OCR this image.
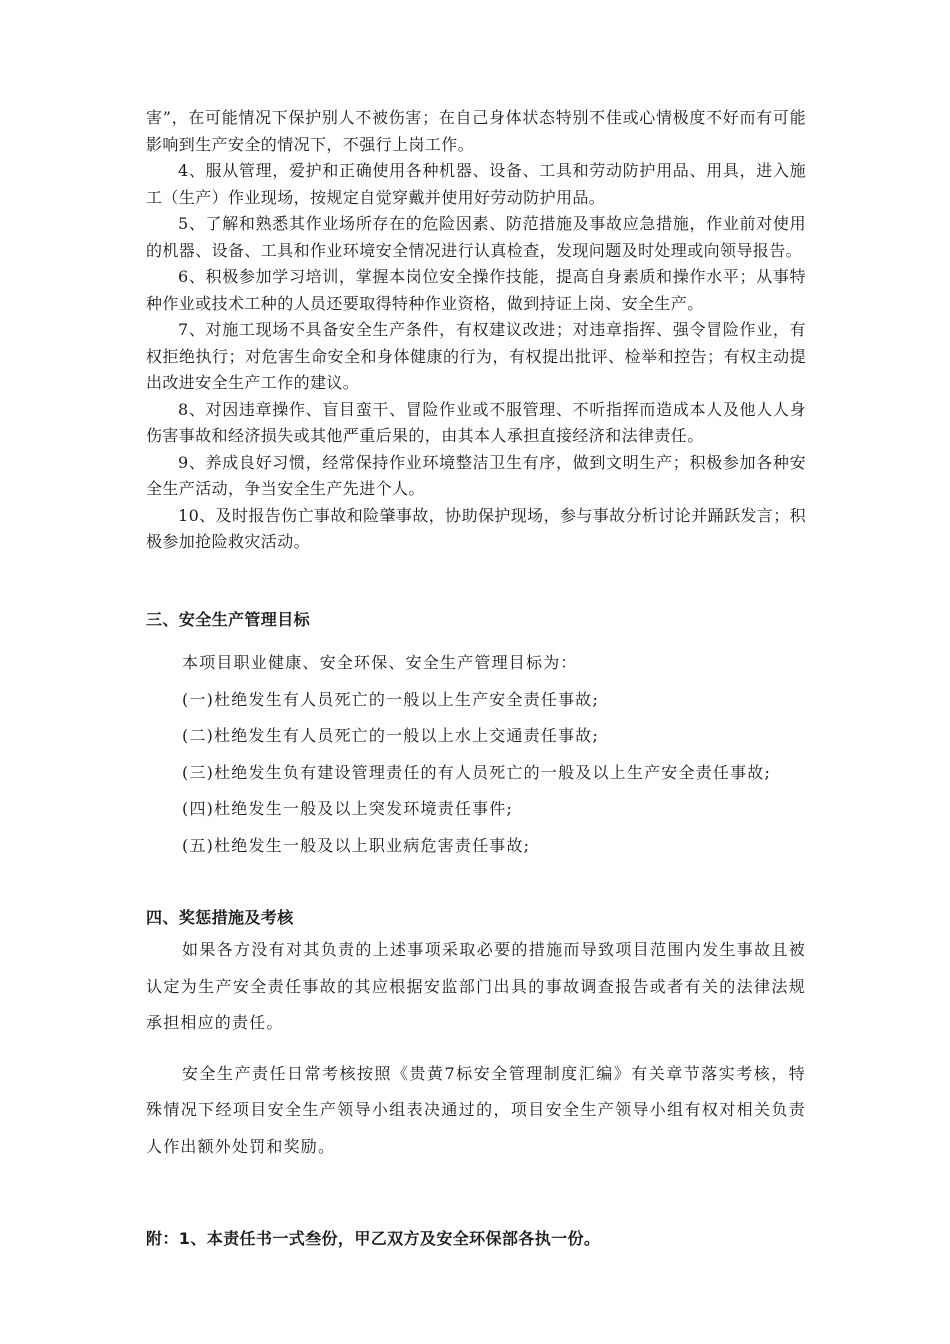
害”，在可能情况下保护别人不被伤害；在自己身体状态特别不佳或心情极度不好而有可能影响到生产安全的情况下，不强行上岗工作。

4、服从管理，爱护和正确使用各种机器、设备、工具和劳动防护用品、用具，进入施工（生产）作业现场，按规定自觉穿戴并使用好劳动防护用品。

5、了解和熟悉其作业场所存在的危险因素、防范措施及事故应急措施，作业前对使用的机器、设备、工具和作业环境安全情况进行认真检查，发现问题及时处理或向领导报告。

6、积极参加学习培训，掌握本岗位安全操作技能，提高自身素质和操作水平；从事特种作业或技术工种的人员还要取得特种作业资格，做到持证上岗、安全生产。

7、对施工现场不具备安全生产条件，有权建议改进；对违章指挥、强令冒险作业，有权拒绝执行；对危害生命安全和身体健康的行为，有权提出批评、检举和控告；有权主动提出改进安全生产工作的建议。

8、对因违章操作、盲目蛮干、冒险作业或不服管理、不听指挥而造成本人及他人人身伤害事故和经济损失或其他严重后果的，由其本人承担直接经济和法律责任。

9、养成良好习惯，经常保持作业环境整洁卫生有序，做到文明生产；积极参加各种安全生产活动，争当安全生产先进个人。

10、及时报告伤亡事故和险肇事故，协助保护现场，参与事故分析讨论并踊跃发言；积极参加抢险救灾活动。

三、安全生产管理目标

本项目职业健康、安全环保、安全生产管理目标为：

(一)杜绝发生有人员死亡的一般以上生产安全责任事故;

(二)杜绝发生有人员死亡的一般以上水上交通责任事故;

(三)杜绝发生负有建设管理责任的有人员死亡的一般及以上生产安全责任事故;

(四)杜绝发生一般及以上突发环境责任事件;

(五)杜绝发生一般及以上职业病危害责任事故;

四、奖惩措施及考核

如果各方没有对其负责的上述事项采取必要的措施而导致项目范围内发生事故且被认定为生产安全责任事故的其应根据安监部门出具的事故调查报告或者有关的法律法规承担相应的责任。

安全生产责任日常考核按照《贵黄7标安全管理制度汇编》有关章节落实考核，特殊情况下经项目安全生产领导小组表决通过的，项目安全生产领导小组有权对相关负责人作出额外处罚和奖励。

附：1、本责任书一式叁份，甲乙双方及安全环保部各执一份。
